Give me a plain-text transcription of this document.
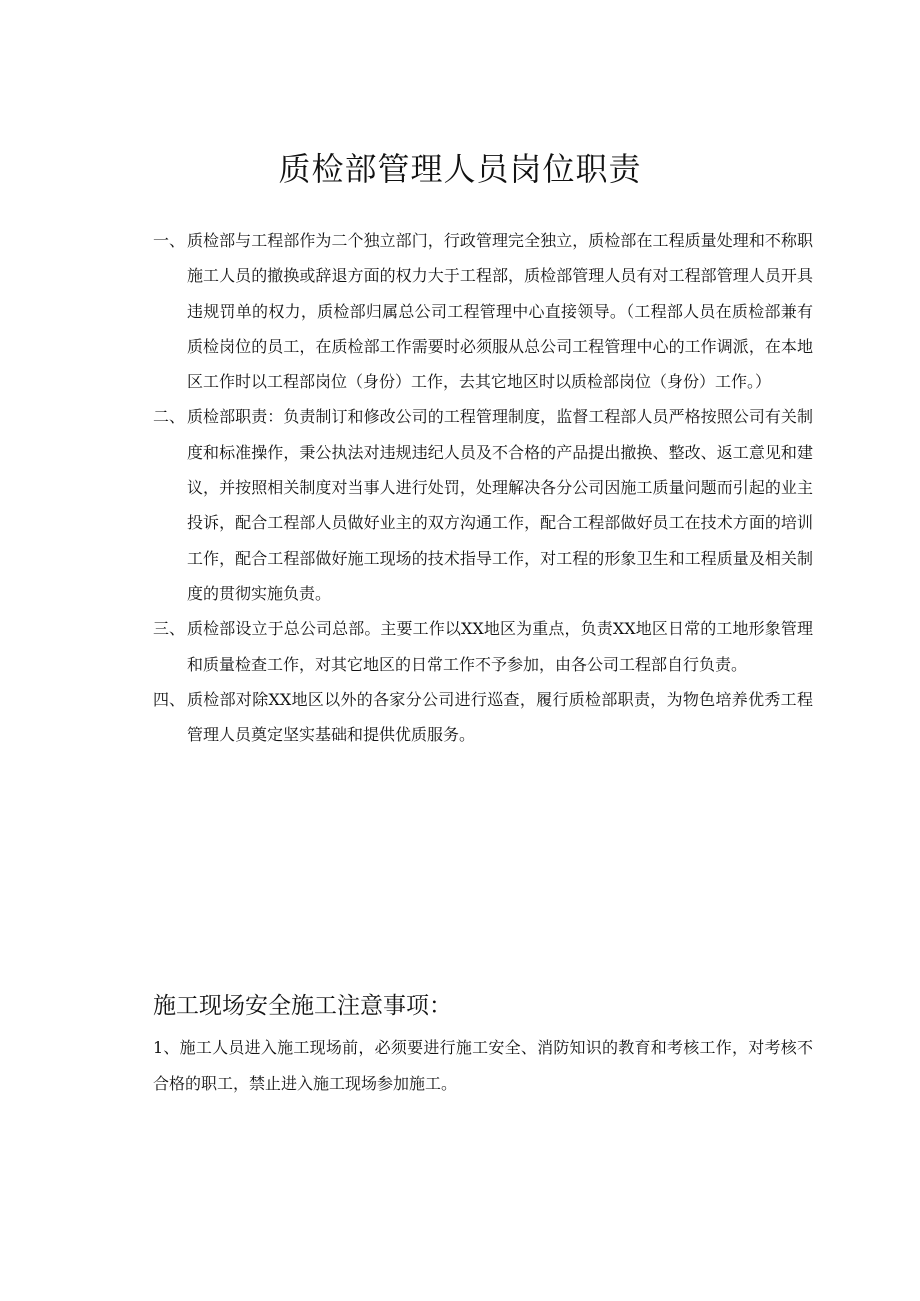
质检部管理人员岗位职责
一、 质检部与工程部作为二个独立部门，行政管理完全独立，质检部在工程质量处理和不称职施工人员的撤换或辞退方面的权力大于工程部，质检部管理人员有对工程部管理人员开具违规罚单的权力，质检部归属总公司工程管理中心直接领导。（工程部人员在质检部兼有质检岗位的员工，在质检部工作需要时必须服从总公司工程管理中心的工作调派，在本地区工作时以工程部岗位（身份）工作，去其它地区时以质检部岗位（身份）工作。）
二、 质检部职责：负责制订和修改公司的工程管理制度，监督工程部人员严格按照公司有关制度和标准操作，秉公执法对违规违纪人员及不合格的产品提出撤换、整改、返工意见和建议，并按照相关制度对当事人进行处罚，处理解决各分公司因施工质量问题而引起的业主投诉，配合工程部人员做好业主的双方沟通工作，配合工程部做好员工在技术方面的培训工作，配合工程部做好施工现场的技术指导工作，对工程的形象卫生和工程质量及相关制度的贯彻实施负责。
三、 质检部设立于总公司总部。主要工作以XX地区为重点，负责XX地区日常的工地形象管理和质量检查工作，对其它地区的日常工作不予参加，由各公司工程部自行负责。
四、 质检部对除XX地区以外的各家分公司进行巡查，履行质检部职责，为物色培养优秀工程管理人员奠定坚实基础和提供优质服务。
施工现场安全施工注意事项：
1、施工人员进入施工现场前，必须要进行施工安全、消防知识的教育和考核工作，对考核不合格的职工，禁止进入施工现场参加施工。
